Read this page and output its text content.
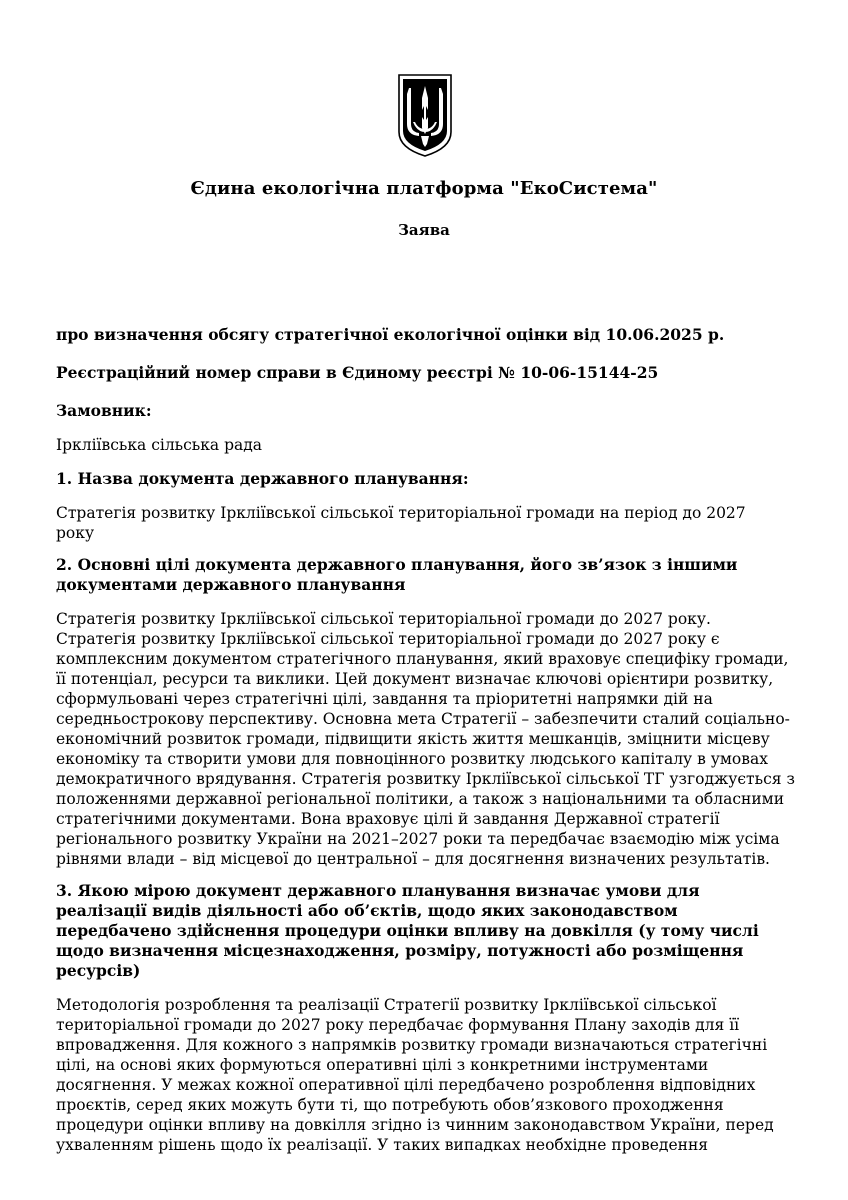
Єдина екологічна платформа "ЕкоСистема"
Заява

про визначення обсягу стратегічної екологічної оцінки від 10.06.2025 р.

Реєстраційний номер справи в Єдиному реєстрі № 10-06-15144-25

Замовник:

Іркліївська сільська рада

1. Назва документа державного планування:

Стратегія розвитку Іркліївської сільської територіальної громади на період до 2027 року

2. Основні цілі документа державного планування, його зв’язок з іншими документами державного планування

Стратегія розвитку Іркліївської сільської територіальної громади до 2027 року. Стратегія розвитку Іркліївської сільської територіальної громади до 2027 року є комплексним документом стратегічного планування, який враховує специфіку громади, її потенціал, ресурси та виклики. Цей документ визначає ключові орієнтири розвитку, сформульовані через стратегічні цілі, завдання та пріоритетні напрямки дій на середньострокову перспективу. Основна мета Стратегії – забезпечити сталий соціально-економічний розвиток громади, підвищити якість життя мешканців, зміцнити місцеву економіку та створити умови для повноцінного розвитку людського капіталу в умовах демократичного врядування. Стратегія розвитку Іркліївської сільської ТГ узгоджується з положеннями державної регіональної політики, а також з національними та обласними стратегічними документами. Вона враховує цілі й завдання Державної стратегії регіонального розвитку України на 2021–2027 роки та передбачає взаємодію між усіма рівнями влади – від місцевої до центральної – для досягнення визначених результатів.

3. Якою мірою документ державного планування визначає умови для реалізації видів діяльності або об’єктів, щодо яких законодавством передбачено здійснення процедури оцінки впливу на довкілля (у тому числі щодо визначення місцезнаходження, розміру, потужності або розміщення ресурсів)

Методологія розроблення та реалізації Стратегії розвитку Іркліївської сільської територіальної громади до 2027 року передбачає формування Плану заходів для її впровадження. Для кожного з напрямків розвитку громади визначаються стратегічні цілі, на основі яких формуються оперативні цілі з конкретними інструментами досягнення. У межах кожної оперативної цілі передбачено розроблення відповідних проєктів, серед яких можуть бути ті, що потребують обов’язкового проходження процедури оцінки впливу на довкілля згідно із чинним законодавством України, перед ухваленням рішень щодо їх реалізації. У таких випадках необхідне проведення
